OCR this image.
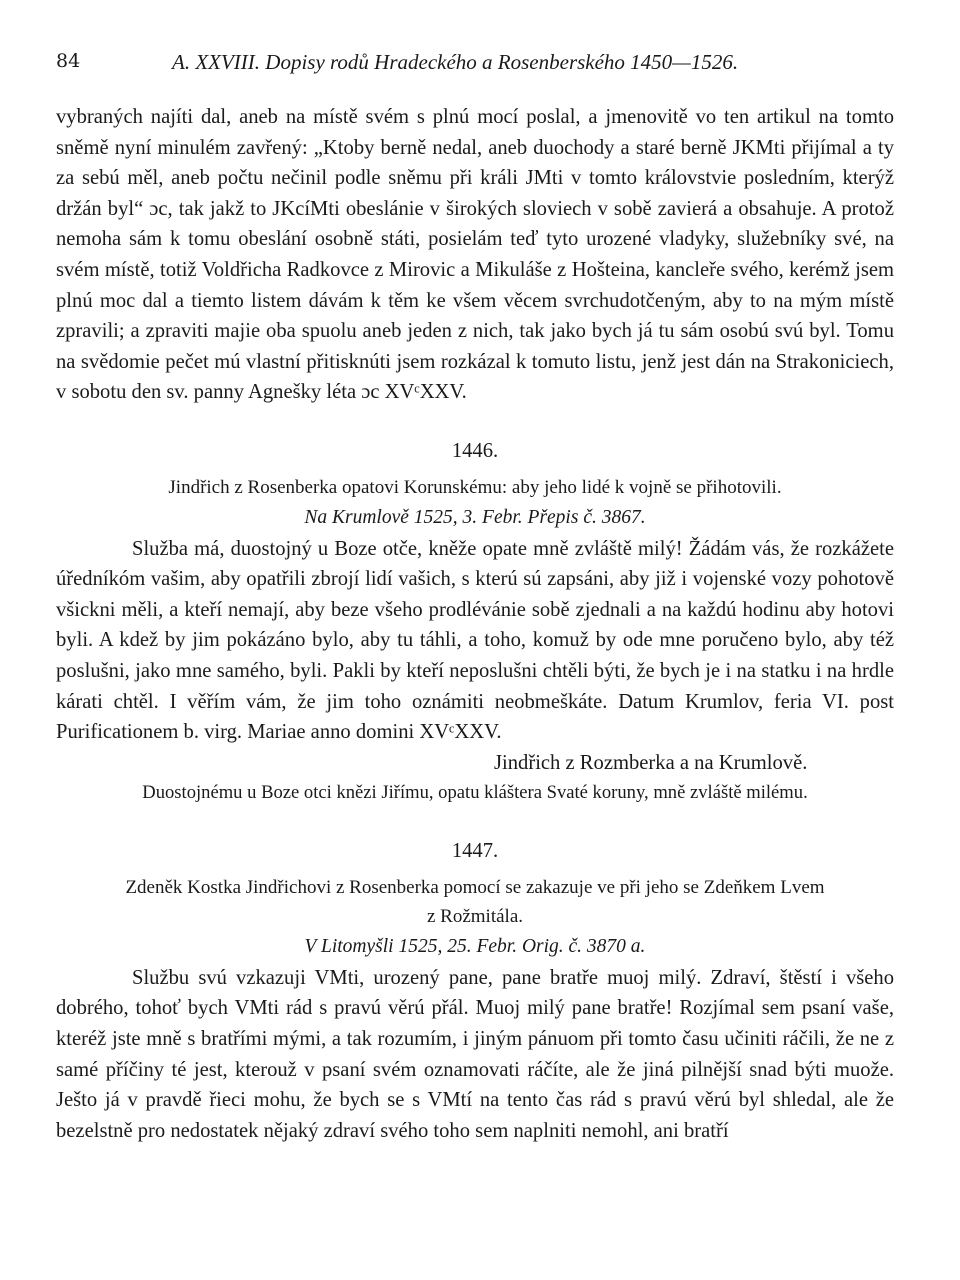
84	A. XXVIII. Dopisy rodů Hradeckého a Rosenberského 1450—1526.

vybraných najíti dal, aneb na místě svém s plnú mocí poslal, a jmenovitě vo ten artikul na tomto sněmě nyní minulém zavřený: „Ktoby berně nedal, aneb duochody a staré berně JKMti přijímal a ty za sebú měl, aneb počtu nečinil podle sněmu při králi JMti v tomto královstvie posledním, kterýž držán byl“ ɔc, tak jakž to JKcíMti obeslánie v širokých sloviech v sobě zavierá a obsahuje. A protož nemoha sám k tomu obeslání osobně státi, posielám teď tyto urozené vladyky, služebníky své, na svém místě, totiž Voldřicha Radkovce z Mirovic a Mikuláše z Hošteina, kancleře svého, kerémž jsem plnú moc dal a tiemto listem dávám k těm ke všem věcem svrchudotčeným, aby to na mým místě zpravili; a zpraviti majie oba spuolu aneb jeden z nich, tak jako bych já tu sám osobú svú byl. Tomu na svědomie pečet mú vlastní přitisknúti jsem rozkázal k tomuto listu, jenž jest dán na Strakoniciech, v sobotu den sv. panny Agnešky léta ɔc XVᶜXXV.

1446.

Jindřich z Rosenberka opatovi Korunskému: aby jeho lidé k vojně se přihotovili.

Na Krumlově 1525, 3. Febr. Přepis č. 3867.

Služba má, duostojný u Boze otče, kněže opate mně zvláště milý! Žádám vás, že rozkážete úředníkóm vašim, aby opatřili zbrojí lidí vašich, s kterú sú zapsáni, aby již i vojenské vozy pohotově všickni měli, a kteří nemají, aby beze všeho prodlévánie sobě zjednali a na každú hodinu aby hotovi byli. A kdež by jim pokázáno bylo, aby tu táhli, a toho, komuž by ode mne poručeno bylo, aby též poslušni, jako mne samého, byli. Pakli by kteří neposlušni chtěli býti, že bych je i na statku i na hrdle kárati chtěl. I věřím vám, že jim toho oznámiti neobmeškáte. Datum Krumlov, feria VI. post Purificationem b. virg. Mariae anno domini XVᶜXXV.

Jindřich z Rozmberka a na Krumlově.

Duostojnému u Boze otci knězi Jiřímu, opatu kláštera Svaté koruny, mně zvláště milému.

1447.

Zdeněk Kostka Jindřichovi z Rosenberka pomocí se zakazuje ve při jeho se Zdeňkem Lvem

z Rožmitála.

V Litomyšli 1525, 25. Febr. Orig. č. 3870 a.

Službu svú vzkazuji VMti, urozený pane, pane bratře muoj milý. Zdraví, štěstí i všeho dobrého, tohoť bych VMti rád s pravú věrú přál. Muoj milý pane bratře! Rozjímal sem psaní vaše, kteréž jste mně s bratřími mými, a tak rozumím, i jiným pánuom při tomto času učiniti ráčili, že ne z samé příčiny té jest, kterouž v psaní svém oznamovati ráčíte, ale že jiná pilnější snad býti muože. Ješto já v pravdě řieci mohu, že bych se s VMtí na tento čas rád s pravú věrú byl shledal, ale že bezelstně pro nedostatek nějaký zdraví svého toho sem naplniti nemohl, ani bratří
